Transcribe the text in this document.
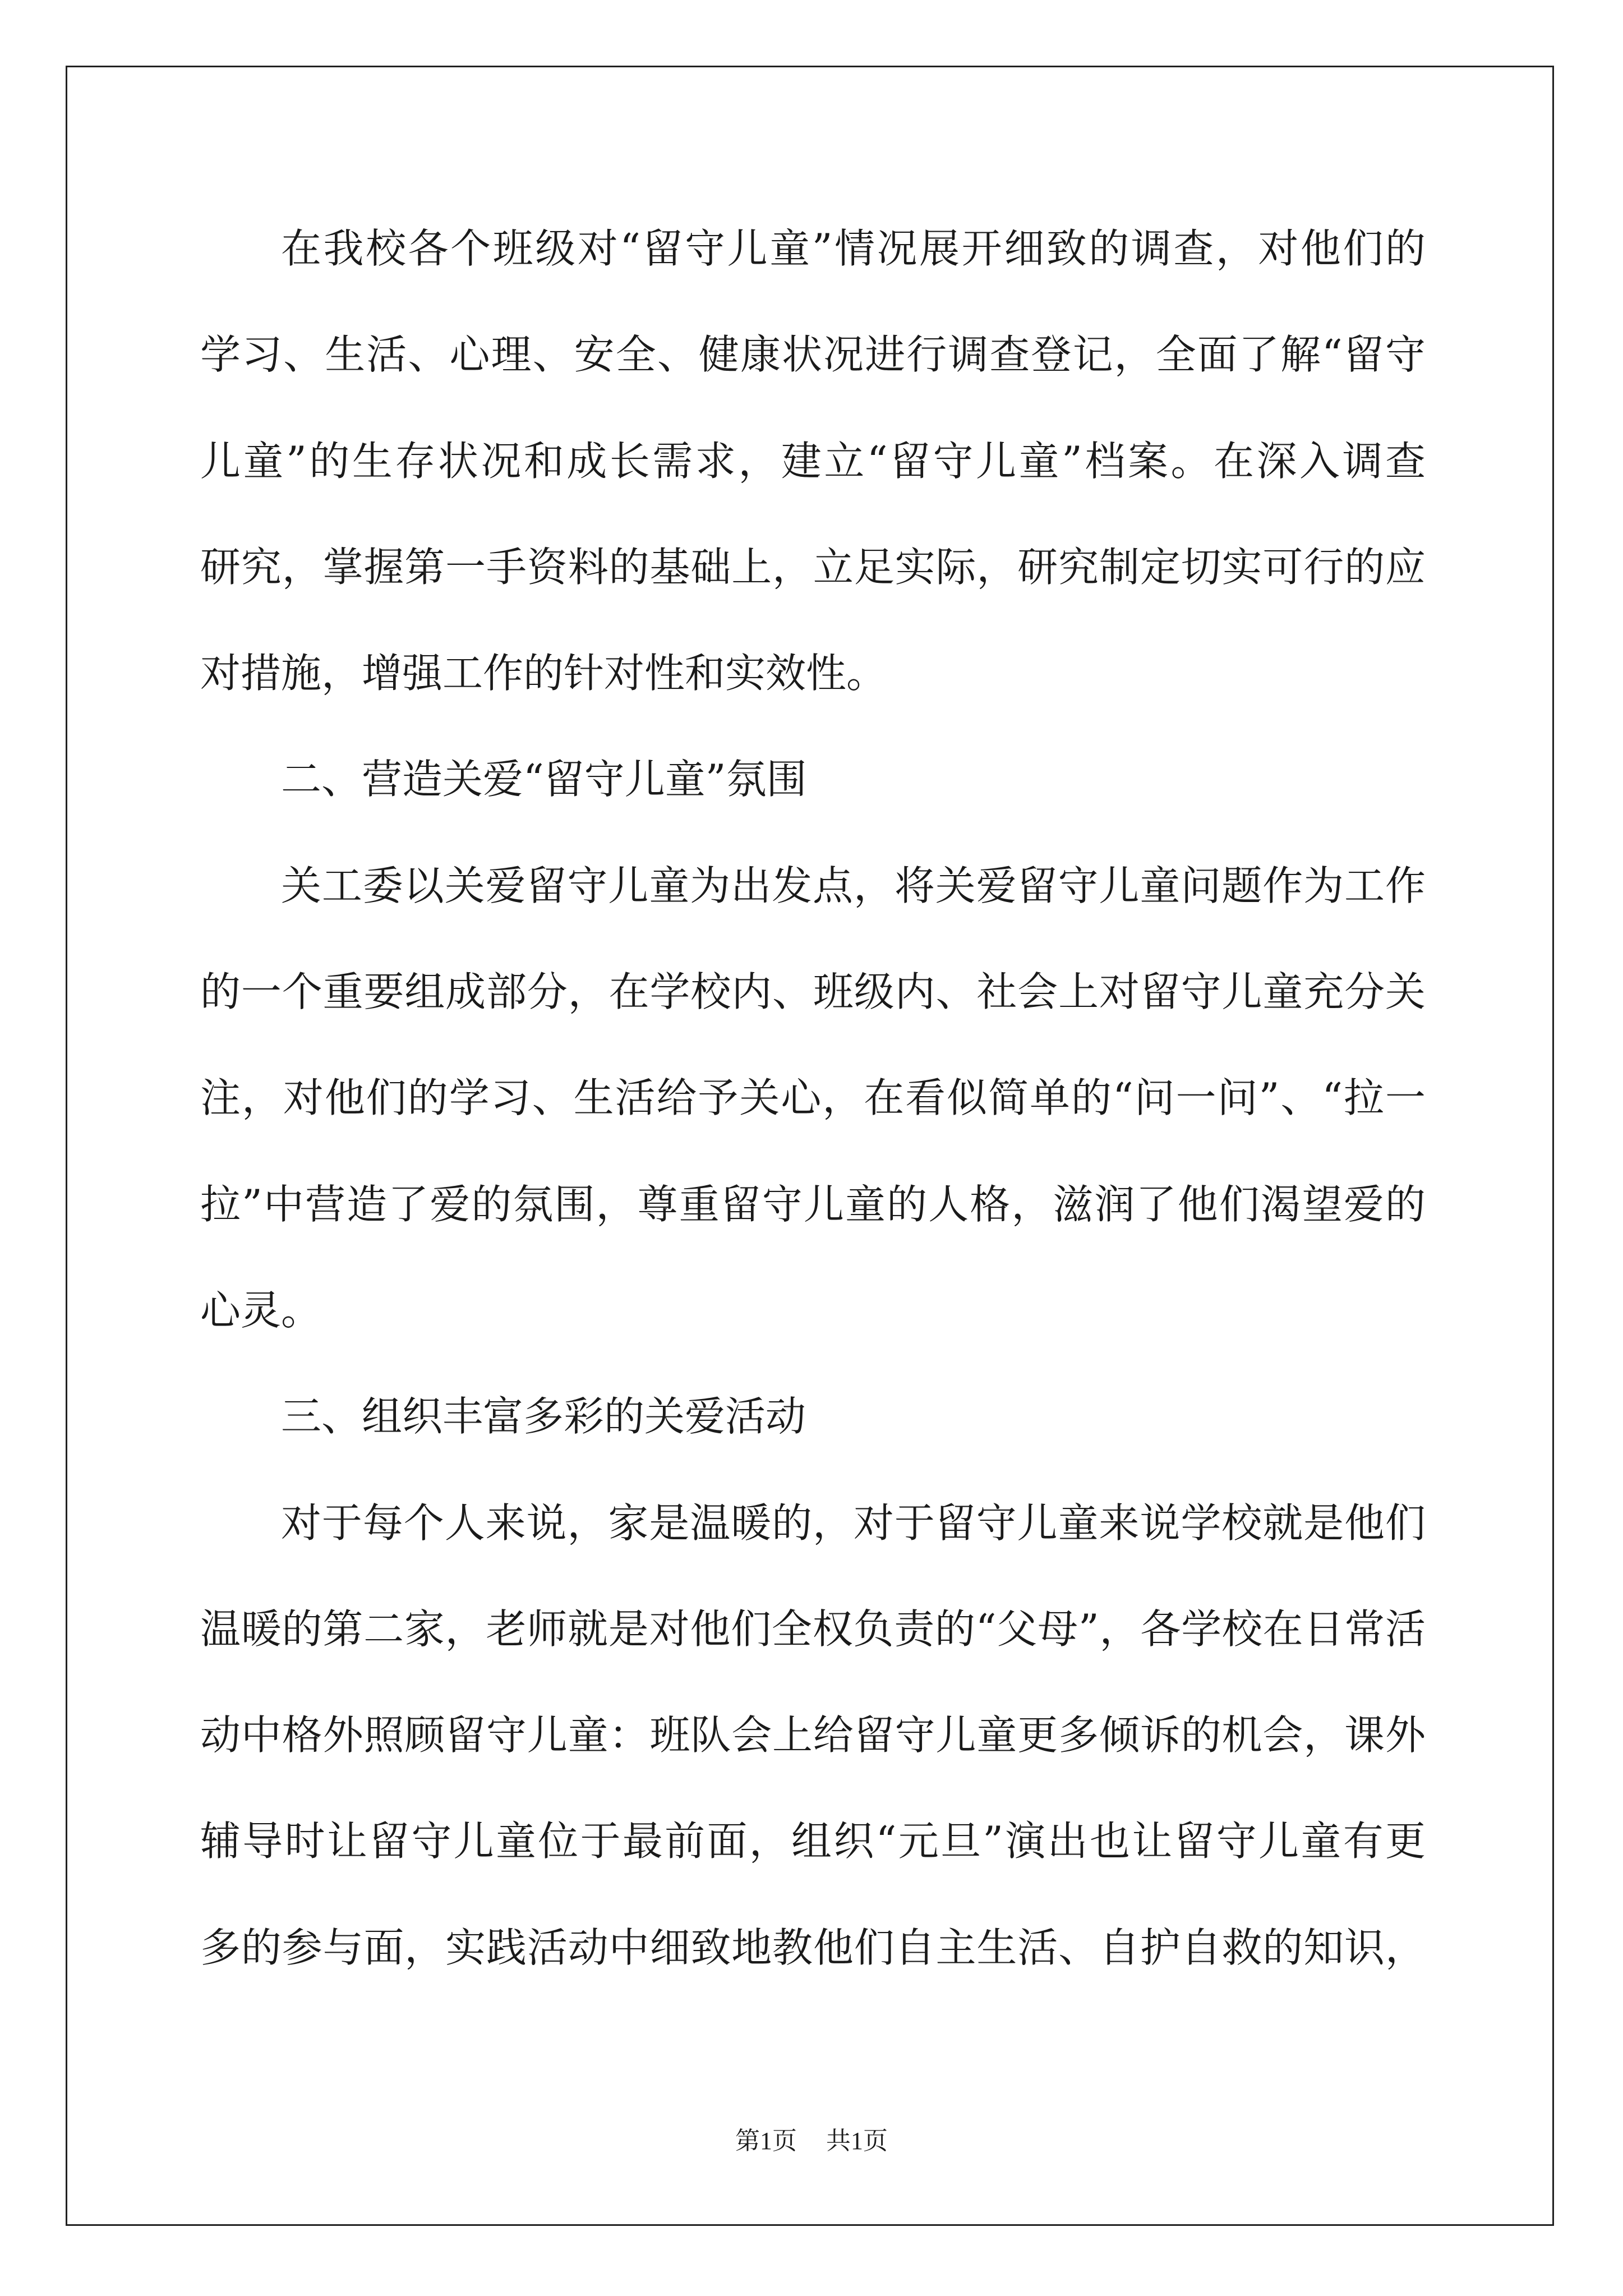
在我校各个班级对“留守儿童”情况展开细致的调查，对他们的
学习、生活、心理、安全、健康状况进行调查登记，全面了解“留守
儿童”的生存状况和成长需求，建立“留守儿童”档案。在深入调查
研究，掌握第一手资料的基础上，立足实际，研究制定切实可行的应
对措施，增强工作的针对性和实效性。
二、营造关爱“留守儿童”氛围
关工委以关爱留守儿童为出发点，将关爱留守儿童问题作为工作
的一个重要组成部分，在学校内、班级内、社会上对留守儿童充分关
注，对他们的学习、生活给予关心，在看似简单的“问一问”、“拉一
拉”中营造了爱的氛围，尊重留守儿童的人格，滋润了他们渴望爱的
心灵。
三、组织丰富多彩的关爱活动
对于每个人来说，家是温暖的，对于留守儿童来说学校就是他们
温暖的第二家，老师就是对他们全权负责的“父母”，各学校在日常活
动中格外照顾留守儿童：班队会上给留守儿童更多倾诉的机会，课外
辅导时让留守儿童位于最前面，组织“元旦”演出也让留守儿童有更
多的参与面，实践活动中细致地教他们自主生活、自护自救的知识，
第1页 共1页
